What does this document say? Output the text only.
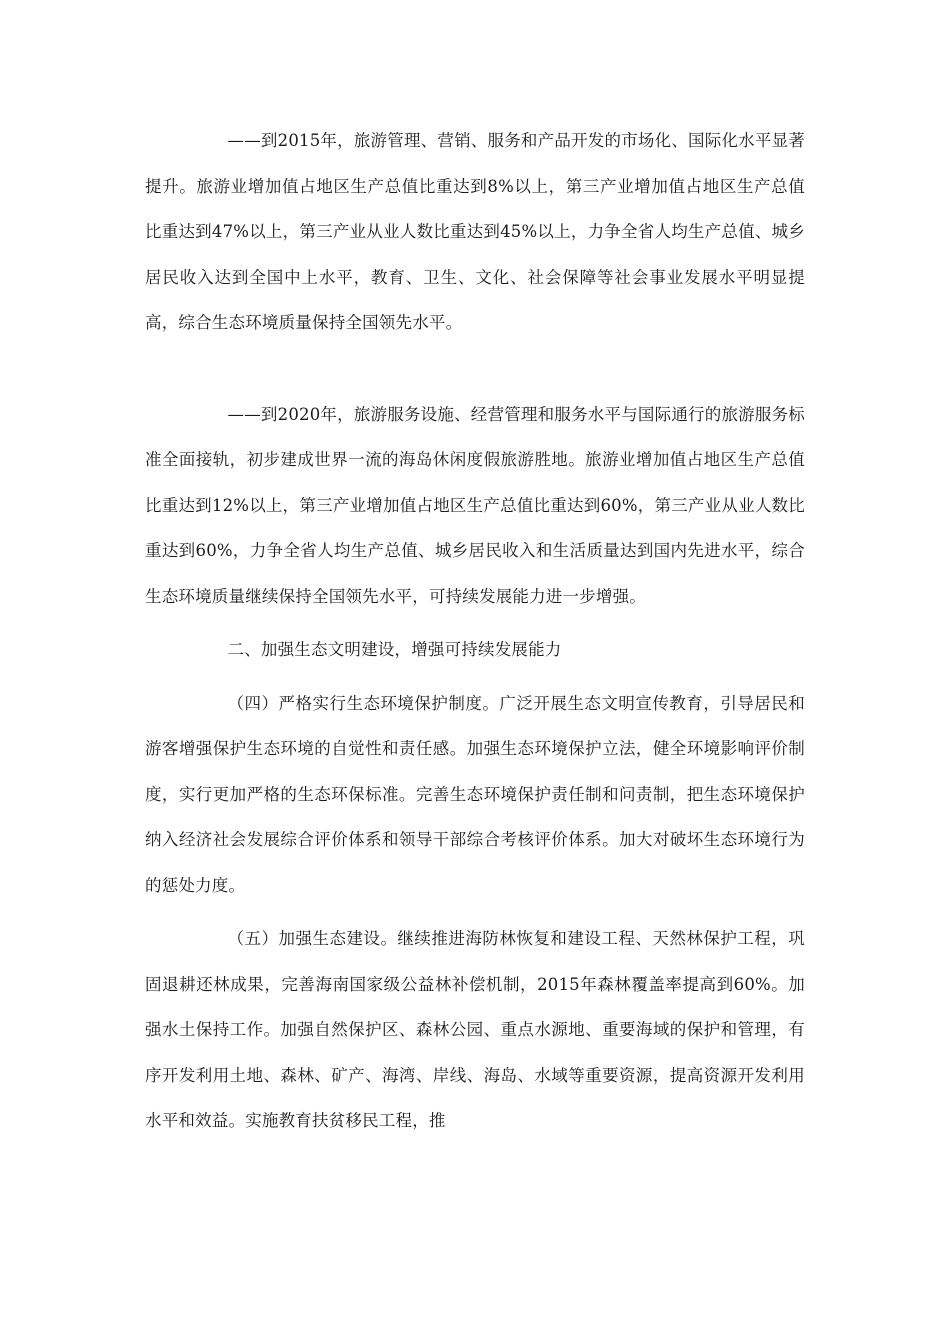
——到2015年，旅游管理、营销、服务和产品开发的市场化、国际化水平显著提升。旅游业增加值占地区生产总值比重达到8%以上，第三产业增加值占地区生产总值比重达到47%以上，第三产业从业人数比重达到45%以上，力争全省人均生产总值、城乡居民收入达到全国中上水平，教育、卫生、文化、社会保障等社会事业发展水平明显提高，综合生态环境质量保持全国领先水平。

——到2020年，旅游服务设施、经营管理和服务水平与国际通行的旅游服务标准全面接轨，初步建成世界一流的海岛休闲度假旅游胜地。旅游业增加值占地区生产总值比重达到12%以上，第三产业增加值占地区生产总值比重达到60%，第三产业从业人数比重达到60%，力争全省人均生产总值、城乡居民收入和生活质量达到国内先进水平，综合生态环境质量继续保持全国领先水平，可持续发展能力进一步增强。

二、加强生态文明建设，增强可持续发展能力

（四）严格实行生态环境保护制度。广泛开展生态文明宣传教育，引导居民和游客增强保护生态环境的自觉性和责任感。加强生态环境保护立法，健全环境影响评价制度，实行更加严格的生态环保标准。完善生态环境保护责任制和问责制，把生态环境保护纳入经济社会发展综合评价体系和领导干部综合考核评价体系。加大对破坏生态环境行为的惩处力度。

（五）加强生态建设。继续推进海防林恢复和建设工程、天然林保护工程，巩固退耕还林成果，完善海南国家级公益林补偿机制，2015年森林覆盖率提高到60%。加强水土保持工作。加强自然保护区、森林公园、重点水源地、重要海域的保护和管理，有序开发利用土地、森林、矿产、海湾、岸线、海岛、水域等重要资源，提高资源开发利用水平和效益。实施教育扶贫移民工程，推
